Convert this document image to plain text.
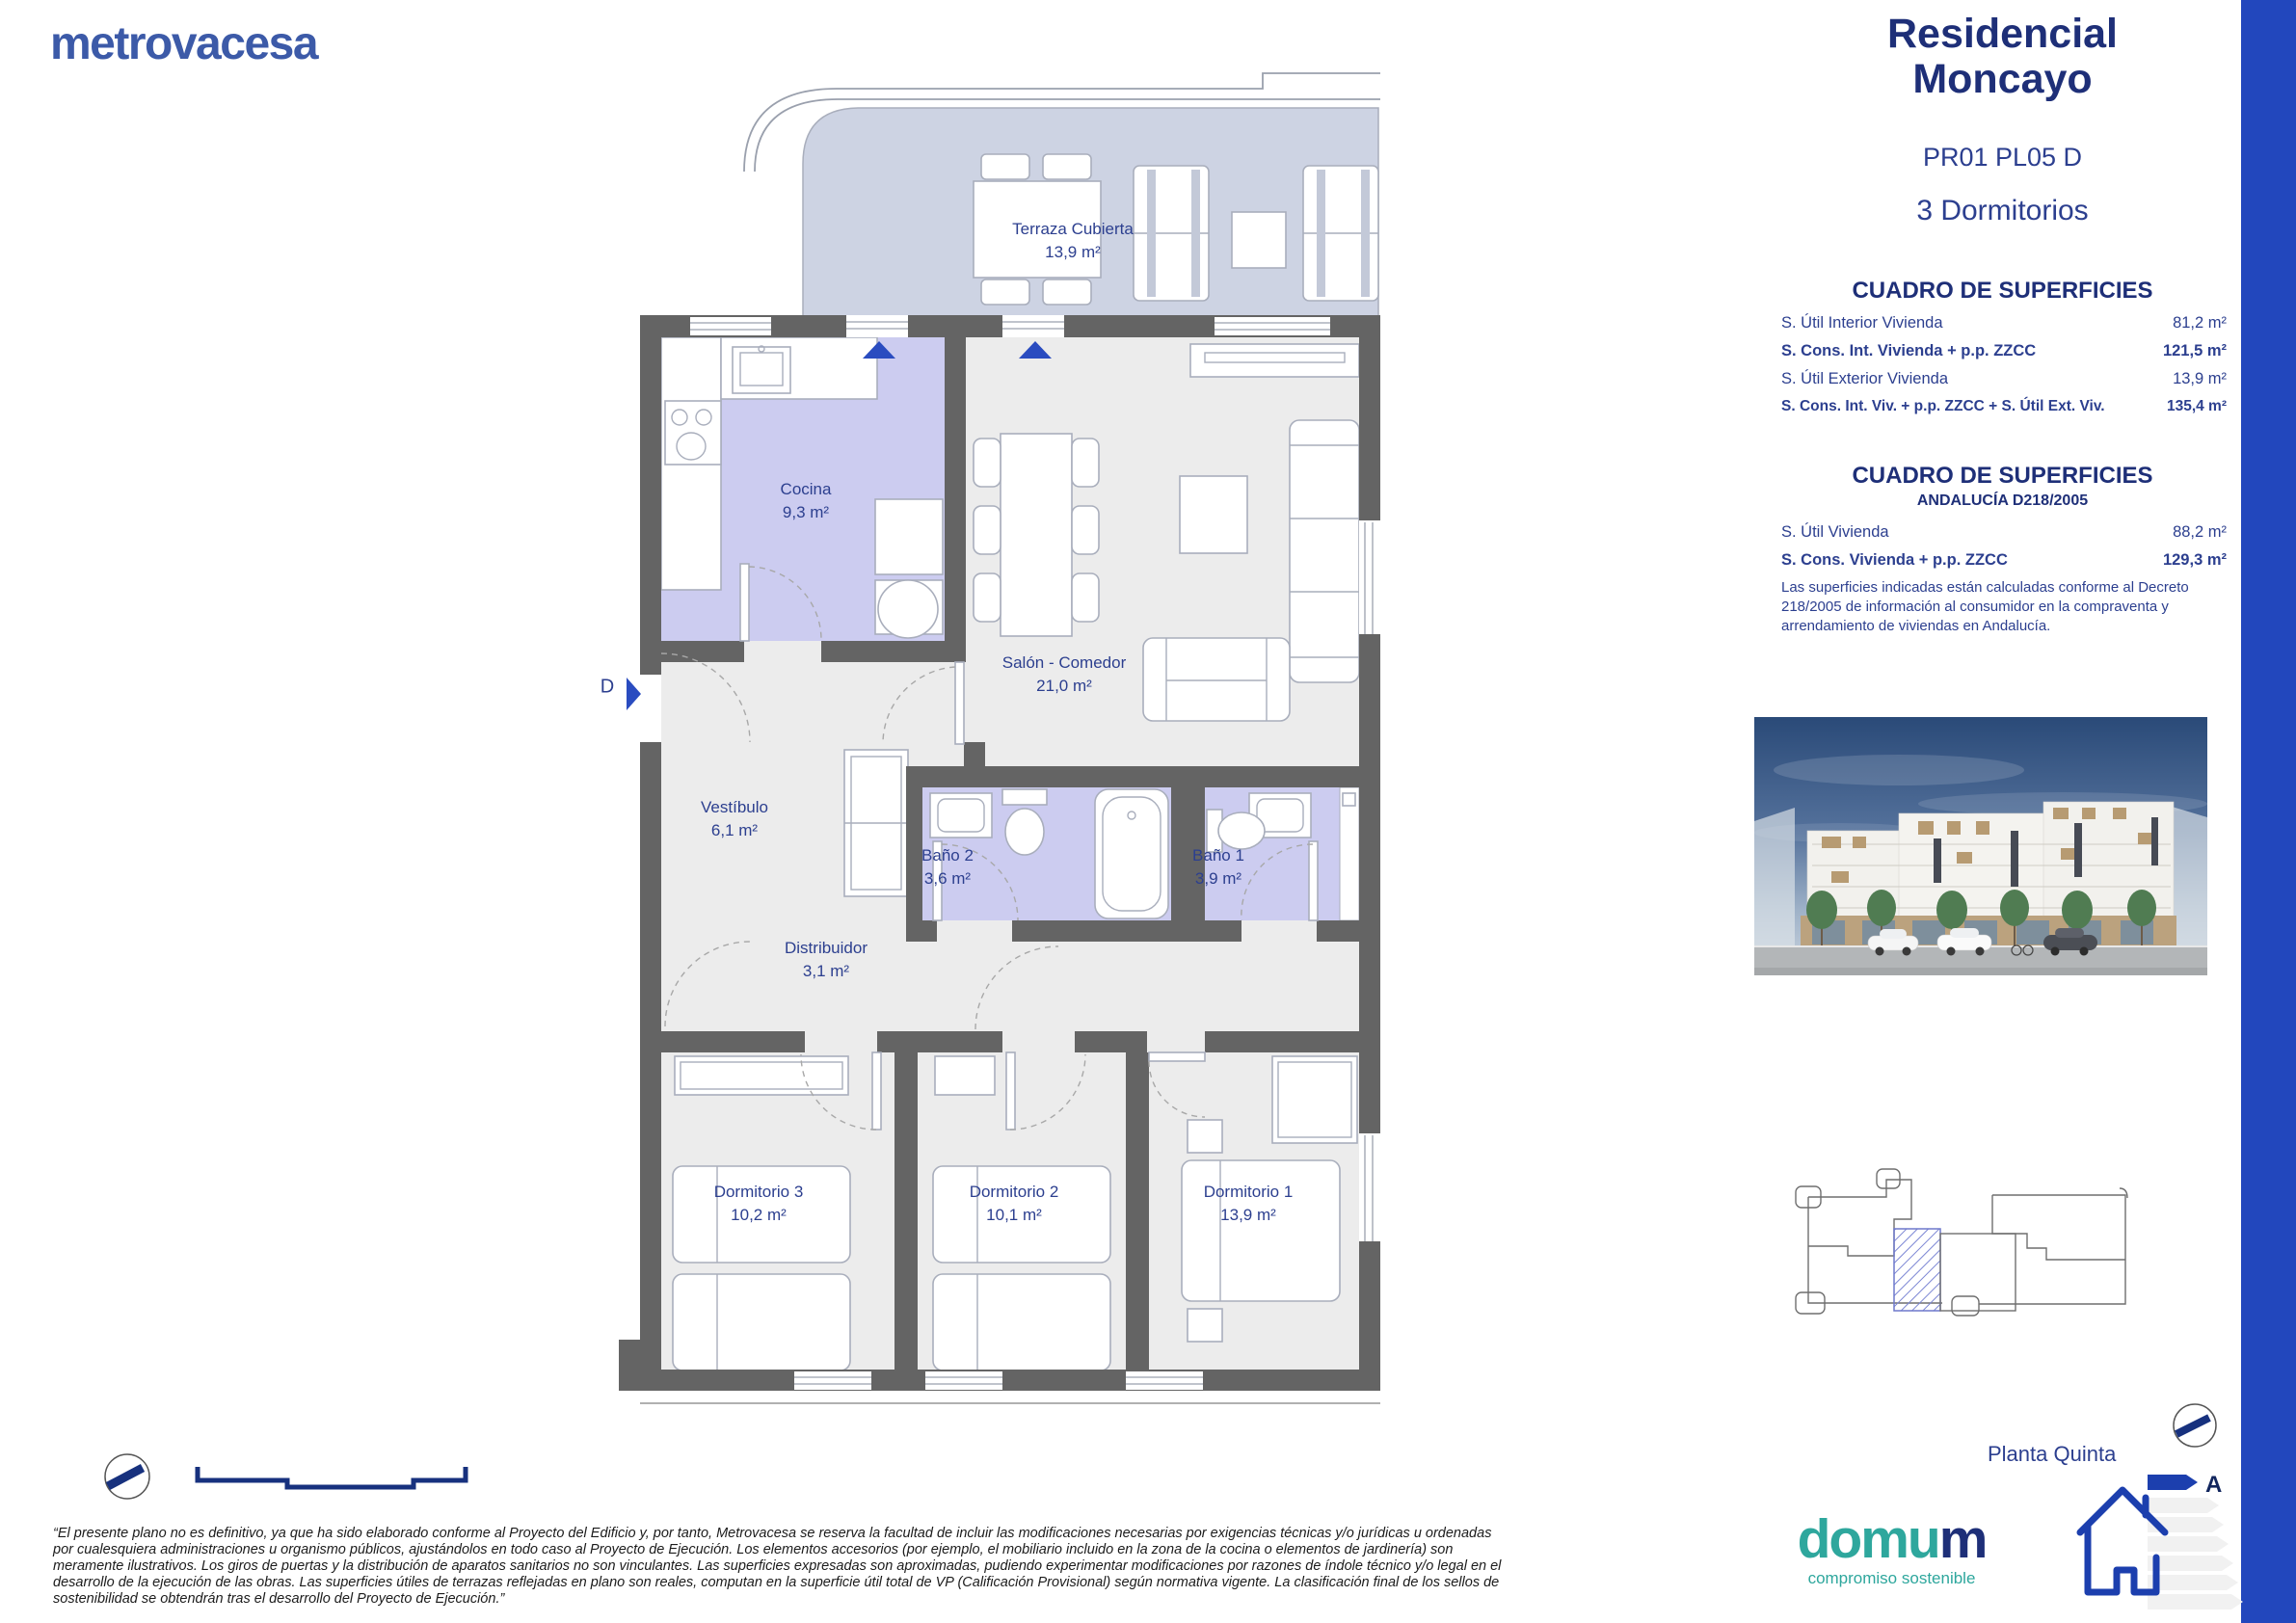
metrovacesa	Residencial
Moncayo
PR01 PL05 D
3 Dormitorios
CUADRO DE SUPERFICIES
S. Útil Interior Vivienda	81,2 m²
S. Cons. Int. Vivienda + p.p. ZZCC	121,5 m²
S. Útil Exterior Vivienda	13,9 m²
S. Cons. Int. Viv. + p.p. ZZCC + S. Útil Ext. Viv.	135,4 m²
CUADRO DE SUPERFICIES
ANDALUCÍA D218/2005
S. Útil Vivienda	88,2 m²
S. Cons. Vivienda + p.p. ZZCC	129,3 m²
Las superficies indicadas están calculadas conforme al Decreto 218/2005 de información al consumidor en la compraventa y arrendamiento de viviendas en Andalucía.
Terraza Cubierta
13,9 m²
Cocina
9,3 m²
Salón - Comedor
21,0 m²
Vestíbulo
6,1 m²
Baño 2
3,6 m²
Baño 1
3,9 m²
Distribuidor
3,1 m²
Dormitorio 3
10,2 m²
Dormitorio 2
10,1 m²
Dormitorio 1
13,9 m²
D
Planta Quinta
A
domum
compromiso sostenible
“El presente plano no es definitivo, ya que ha sido elaborado conforme al Proyecto del Edificio y, por tanto, Metrovacesa se reserva la facultad de incluir las modificaciones necesarias por exigencias técnicas y/o jurídicas u ordenadas por cualesquiera administraciones u organismo públicos, ajustándolos en todo caso al Proyecto de Ejecución. Los elementos accesorios (por ejemplo, el mobiliario incluido en la zona de la cocina o elementos de jardinería) son meramente ilustrativos. Los giros de puertas y la distribución de aparatos sanitarios no son vinculantes. Las superficies expresadas son aproximadas, pudiendo experimentar modificaciones por razones de índole técnico y/o legal en el desarrollo de la ejecución de las obras. Las superficies útiles de terrazas reflejadas en plano son reales, computan en la superficie útil total de VP (Calificación Provisional) según normativa vigente. La clasificación final de los sellos de sostenibilidad se obtendrán tras el desarrollo del Proyecto de Ejecución.”
